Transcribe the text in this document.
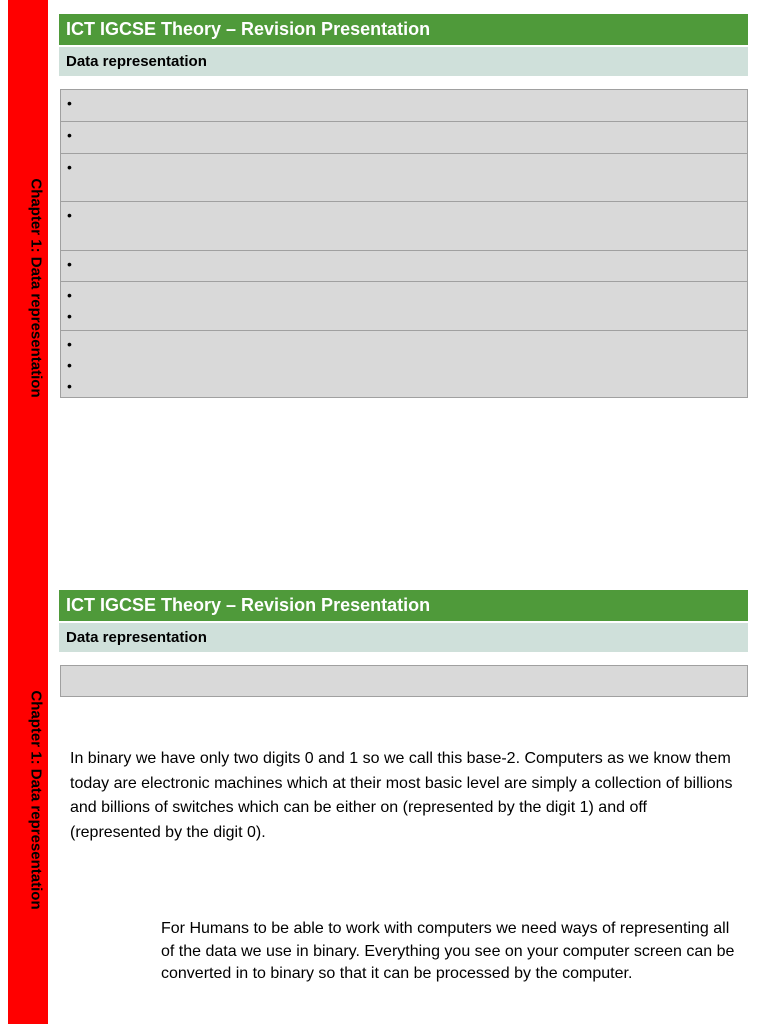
Chapter 1: Data representation
ICT IGCSE Theory – Revision Presentation
Data representation
•
•
•
•
•
•
•
•
•
•
Chapter 1: Data representation
ICT IGCSE Theory – Revision Presentation
Data representation
In binary we have only two digits 0 and 1 so we call this base-2. Computers as we know them today are electronic machines which at their most basic level are simply a collection of billions and billions of switches which can be either on (represented by the digit 1) and off (represented by the digit 0).
For Humans to be able to work with computers we need ways of representing all of the data we use in binary. Everything you see on your computer screen can be converted in to binary so that it can be processed by the computer.
